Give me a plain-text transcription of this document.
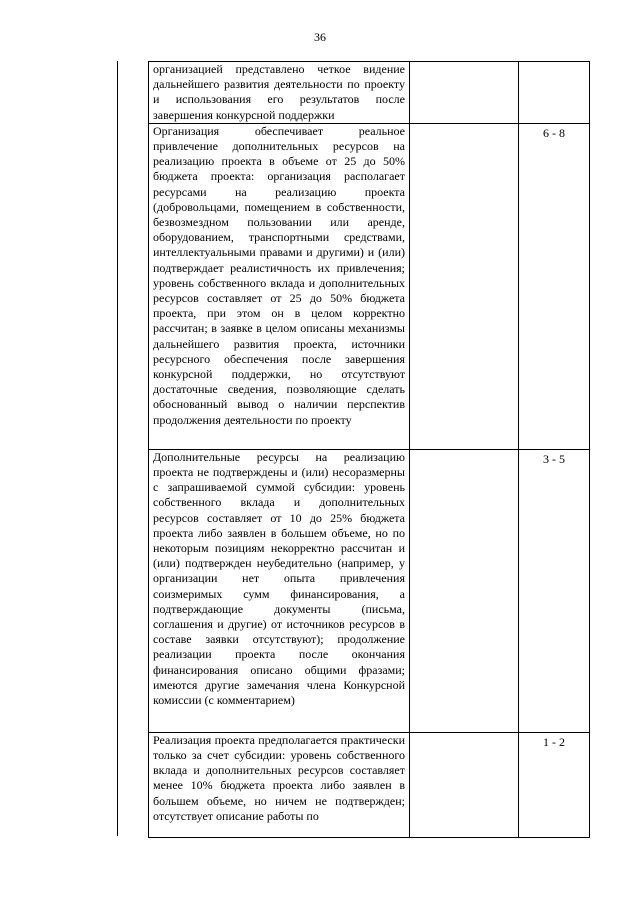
36
организацией представлено четкое видение дальнейшего развития деятельности по проекту и использования его результатов после завершения конкурсной поддержки		
Организация обеспечивает реальное привлечение дополнительных ресурсов на реализацию проекта в объеме от 25 до 50% бюджета проекта: организация располагает ресурсами на реализацию проекта (добровольцами, помещением в собственности, безвозмездном пользовании или аренде, оборудованием, транспортными средствами, интеллектуальными правами и другими) и (или) подтверждает реалистичность их привлечения; уровень собственного вклада и дополнительных ресурсов составляет от 25 до 50% бюджета проекта, при этом он в целом корректно рассчитан; в заявке в целом описаны механизмы дальнейшего развития проекта, источники ресурсного обеспечения после завершения конкурсной поддержки, но отсутствуют достаточные сведения, позволяющие сделать обоснованный вывод о наличии перспектив продолжения деятельности по проекту		6 - 8
Дополнительные ресурсы на реализацию проекта не подтверждены и (или) несоразмерны с запрашиваемой суммой субсидии: уровень собственного вклада и дополнительных ресурсов составляет от 10 до 25% бюджета проекта либо заявлен в большем объеме, но по некоторым позициям некорректно рассчитан и (или) подтвержден неубедительно (например, у организации нет опыта привлечения соизмеримых сумм финансирования, а подтверждающие документы (письма, соглашения и другие) от источников ресурсов в составе заявки отсутствуют); продолжение реализации проекта после окончания финансирования описано общими фразами; имеются другие замечания члена Конкурсной комиссии (с комментарием)		3 - 5
Реализация проекта предполагается практически только за счет субсидии: уровень собственного вклада и дополнительных ресурсов составляет менее 10% бюджета проекта либо заявлен в большем объеме, но ничем не подтвержден; отсутствует описание работы по		1 - 2
